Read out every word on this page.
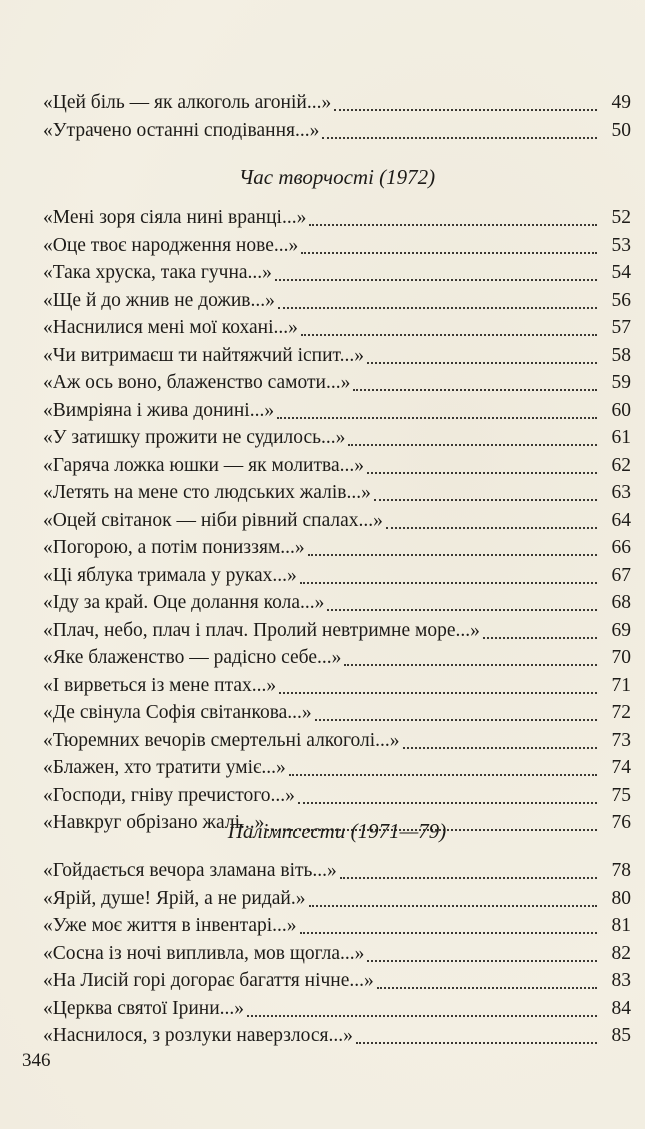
«Цей біль — як алкоголь агоній...»	49
«Утрачено останні сподівання...»	50
Час творчості (1972)
«Мені зоря сіяла нині вранці...»	52
«Оце твоє народження нове...»	53
«Така хруска, така гучна...»	54
«Ще й до жнив не дожив...»	56
«Наснилися мені мої кохані...»	57
«Чи витримаєш ти найтяжчий іспит...»	58
«Аж ось воно, блаженство самоти...»	59
«Вимріяна і жива донині...»	60
«У затишку прожити не судилось...»	61
«Гаряча ложка юшки — як молитва...»	62
«Летять на мене сто людських жалів...»	63
«Оцей світанок — ніби рівний спалах...»	64
«Погорою, а потім пониззям...»	66
«Ці яблука тримала у руках...»	67
«Іду за край. Оце долання кола...»	68
«Плач, небо, плач і плач. Пролий невтримне море...»	69
«Яке блаженство — радісно себе...»	70
«І вирветься із мене птах...»	71
«Де свінула Софія світанкова...»	72
«Тюремних вечорів смертельні алкоголі...»	73
«Блажен, хто тратити уміє...»	74
«Господи, гніву пречистого...»	75
«Навкруг обрізано жалі...»	76
Палімпсести (1971—79)
«Гойдається вечора зламана віть...»	78
«Ярій, душе! Ярій, а не ридай.»	80
«Уже моє життя в інвентарі...»	81
«Сосна із ночі випливла, мов щогла...»	82
«На Лисій горі догорає багаття нічне...»	83
«Церква святої Ірини...»	84
«Наснилося, з розлуки наверзлося...»	85
346
